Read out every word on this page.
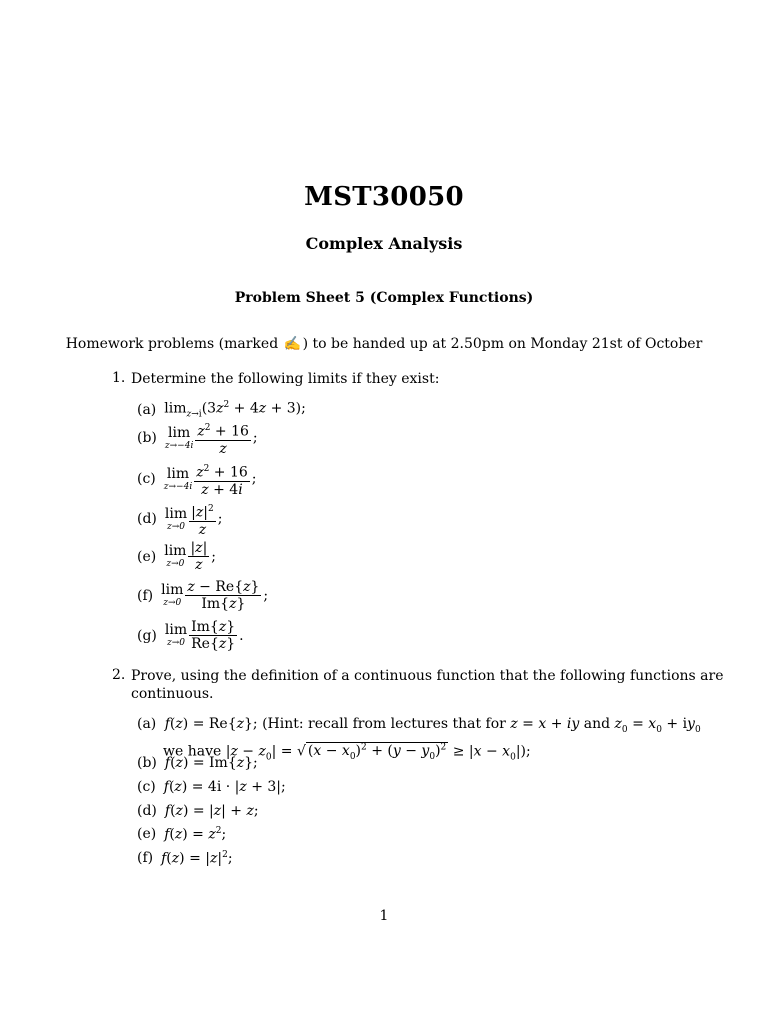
MST30050
Complex Analysis
Problem Sheet 5 (Complex Functions)
Homework problems (marked ✍) to be handed up at 2.50pm on Monday 21st of October
1. Determine the following limits if they exist:
(a) $\lim_{z\to i}(3z^2 + 4z + 3)$;
(b) lim
$z\to-4i \frac{z^2 + 16}{z}$ ;
(c) lim
$z\to-4i \frac{z^2 + 16}{z + 4i}$ ;
(d) lim
$z\to 0 \frac{|z|^2}{z}$ ;
(e) lim
$z\to 0 \frac{|z|}{z}$ ;
(f) lim
$z\to 0 \frac{z - Re\{z\}}{Im\{z\}}$ ;
(g) lim
$z\to 0 \frac{Im\{z\}}{Re\{z\}}$ .
2. Prove, using the definition of a continuous function that the following functions are
continuous.
(a) f(z) = Re{z}; (Hint: recall from lectures that for z = x + iy and $z_0 = x_0 + iy_0$
we have $|z - z_0|$ = √ $(x - x_0)^2 + (y - y_0)^2 \ge |x - x_0|$);
(b) f(z) = Im{z};
(c) f(z) = 4i · |z + 3|;
(d) f(z) = |z| + z;
(e) $f(z) = z^2$;
(f) $f(z) = |z|^2$;
1
